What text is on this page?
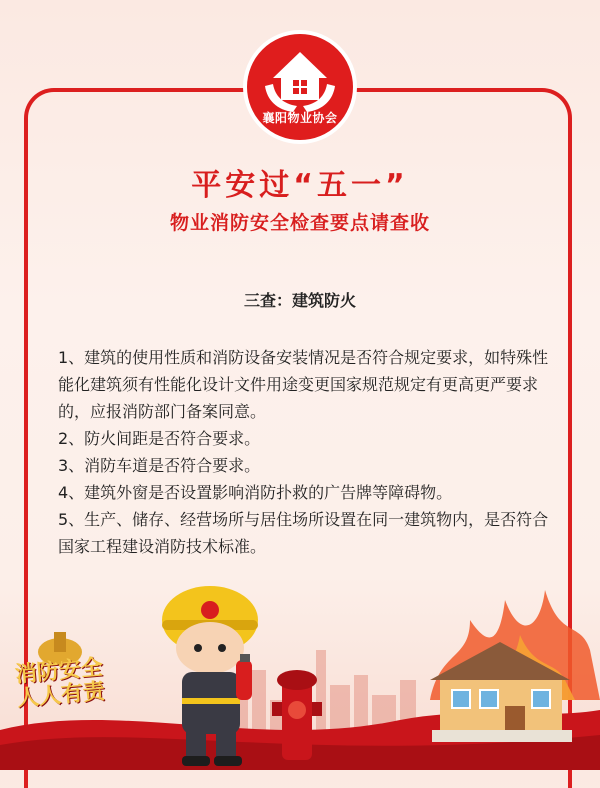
襄阳物业协会
平安过“五一”
物业消防安全检查要点请查收
三查：建筑防火

1、建筑的使用性质和消防设备安装情况是否符合规定要求，如特殊性能化建筑须有性能化设计文件用途变更国家规范规定有更高更严要求的，应报消防部门备案同意。

2、防火间距是否符合要求。

3、消防车道是否符合要求。

4、建筑外窗是否设置影响消防扑救的广告牌等障碍物。

5、生产、储存、经营场所与居住场所设置在同一建筑物内，是否符合国家工程建设消防技术标准。

消防安全
人人有责
